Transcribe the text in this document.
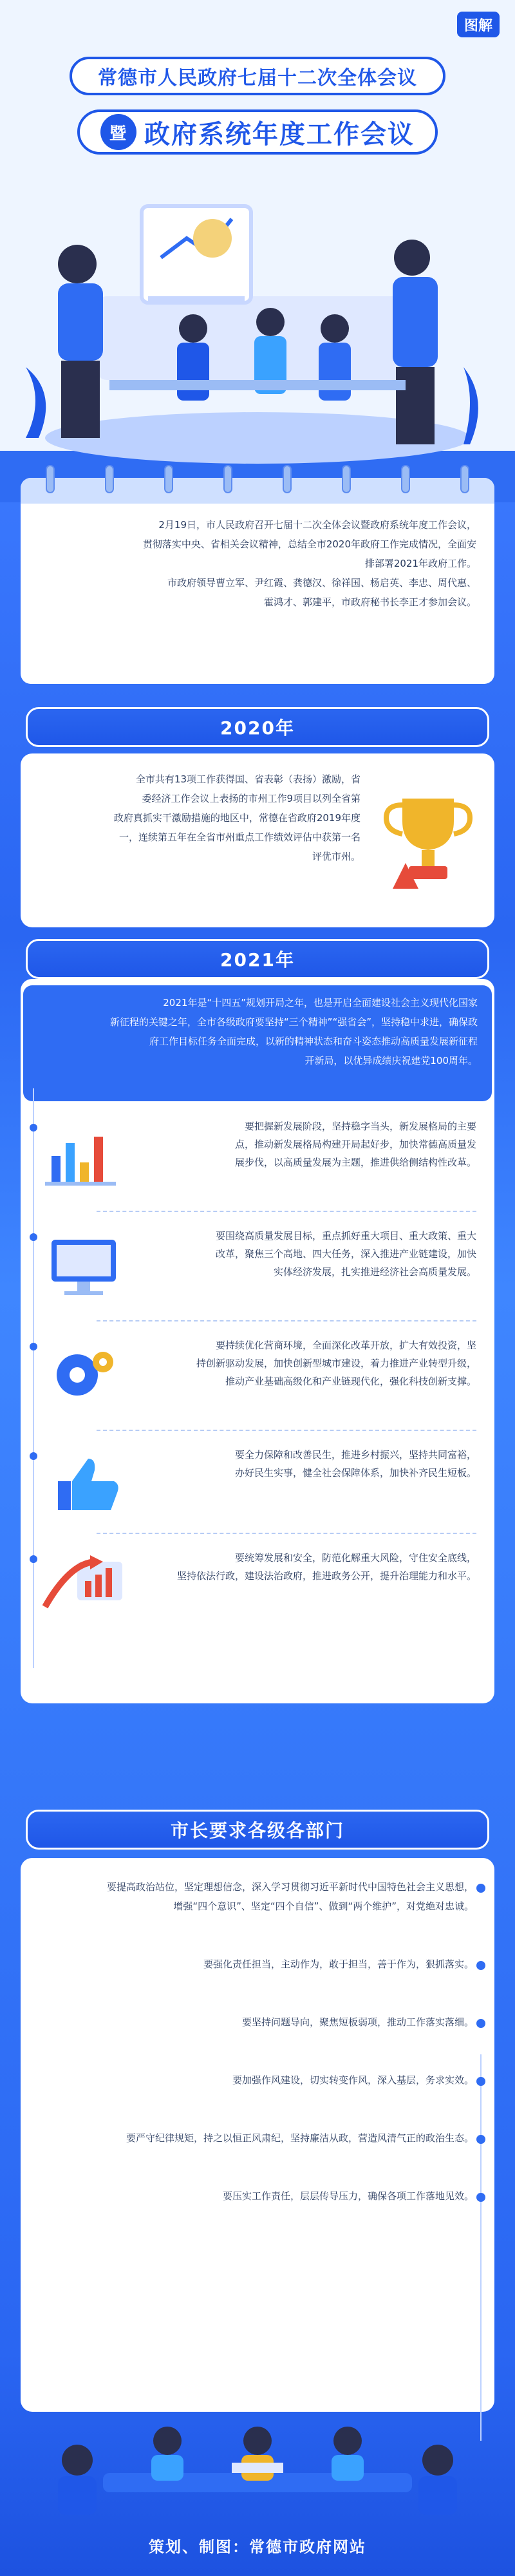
图解
常德市人民政府七届十二次全体会议
暨 政府系统年度工作会议
2月19日，市人民政府召开七届十二次全体会议暨政府系统年度工作会议，
贯彻落实中央、省相关会议精神，总结全市2020年政府工作完成情况，全面安
排部署2021年政府工作。
市政府领导曹立军、尹红霞、龚德汉、徐祥国、杨启英、李忠、周代惠、
霍鸿才、郭建平，市政府秘书长李正才参加会议。
2020年
全市共有13项工作获得国、省表彰（表扬）激励，省
委经济工作会议上表扬的市州工作9项目以列全省第
政府真抓实干激励措施的地区中，常德在省政府2019年度
一，连续第五年在全省市州重点工作绩效评估中获第一名
评优市州。
2021年
2021年是“十四五”规划开局之年，也是开启全面建设社会主义现代化国家
新征程的关键之年，全市各级政府要坚持“三个精神”“强省会”，坚持稳中求进，确保政
府工作目标任务全面完成，以新的精神状态和奋斗姿态推动高质量发展新征程
开新局，以优异成绩庆祝建党100周年。
要把握新发展阶段，坚持稳字当头，新发展格局的主要
点，推动新发展格局构建开局起好步，加快常德高质量发
展步伐，以高质量发展为主题，推进供给侧结构性改革。
要围绕高质量发展目标，重点抓好重大项目、重大政策、重大
改革，聚焦三个高地、四大任务，深入推进产业链建设，加快
实体经济发展，扎实推进经济社会高质量发展。
要持续优化营商环境，全面深化改革开放，扩大有效投资，坚
持创新驱动发展，加快创新型城市建设，着力推进产业转型升级，
推动产业基础高级化和产业链现代化，强化科技创新支撑。
要全力保障和改善民生，推进乡村振兴，坚持共同富裕，
办好民生实事，健全社会保障体系，加快补齐民生短板。
要统筹发展和安全，防范化解重大风险，守住安全底线，
坚持依法行政，建设法治政府，推进政务公开，提升治理能力和水平。
市长要求各级各部门
要提高政治站位，坚定理想信念，深入学习贯彻习近平新时代中国特色社会主义思想，
增强“四个意识”、坚定“四个自信”、做到“两个维护”，对党绝对忠诚。
要强化责任担当，主动作为，敢于担当，善于作为，狠抓落实。
要坚持问题导向，聚焦短板弱项，推动工作落实落细。
要加强作风建设，切实转变作风，深入基层，务求实效。
要严守纪律规矩，持之以恒正风肃纪，坚持廉洁从政，营造风清气正的政治生态。
要压实工作责任，层层传导压力，确保各项工作落地见效。
策划、制图：常德市政府网站
